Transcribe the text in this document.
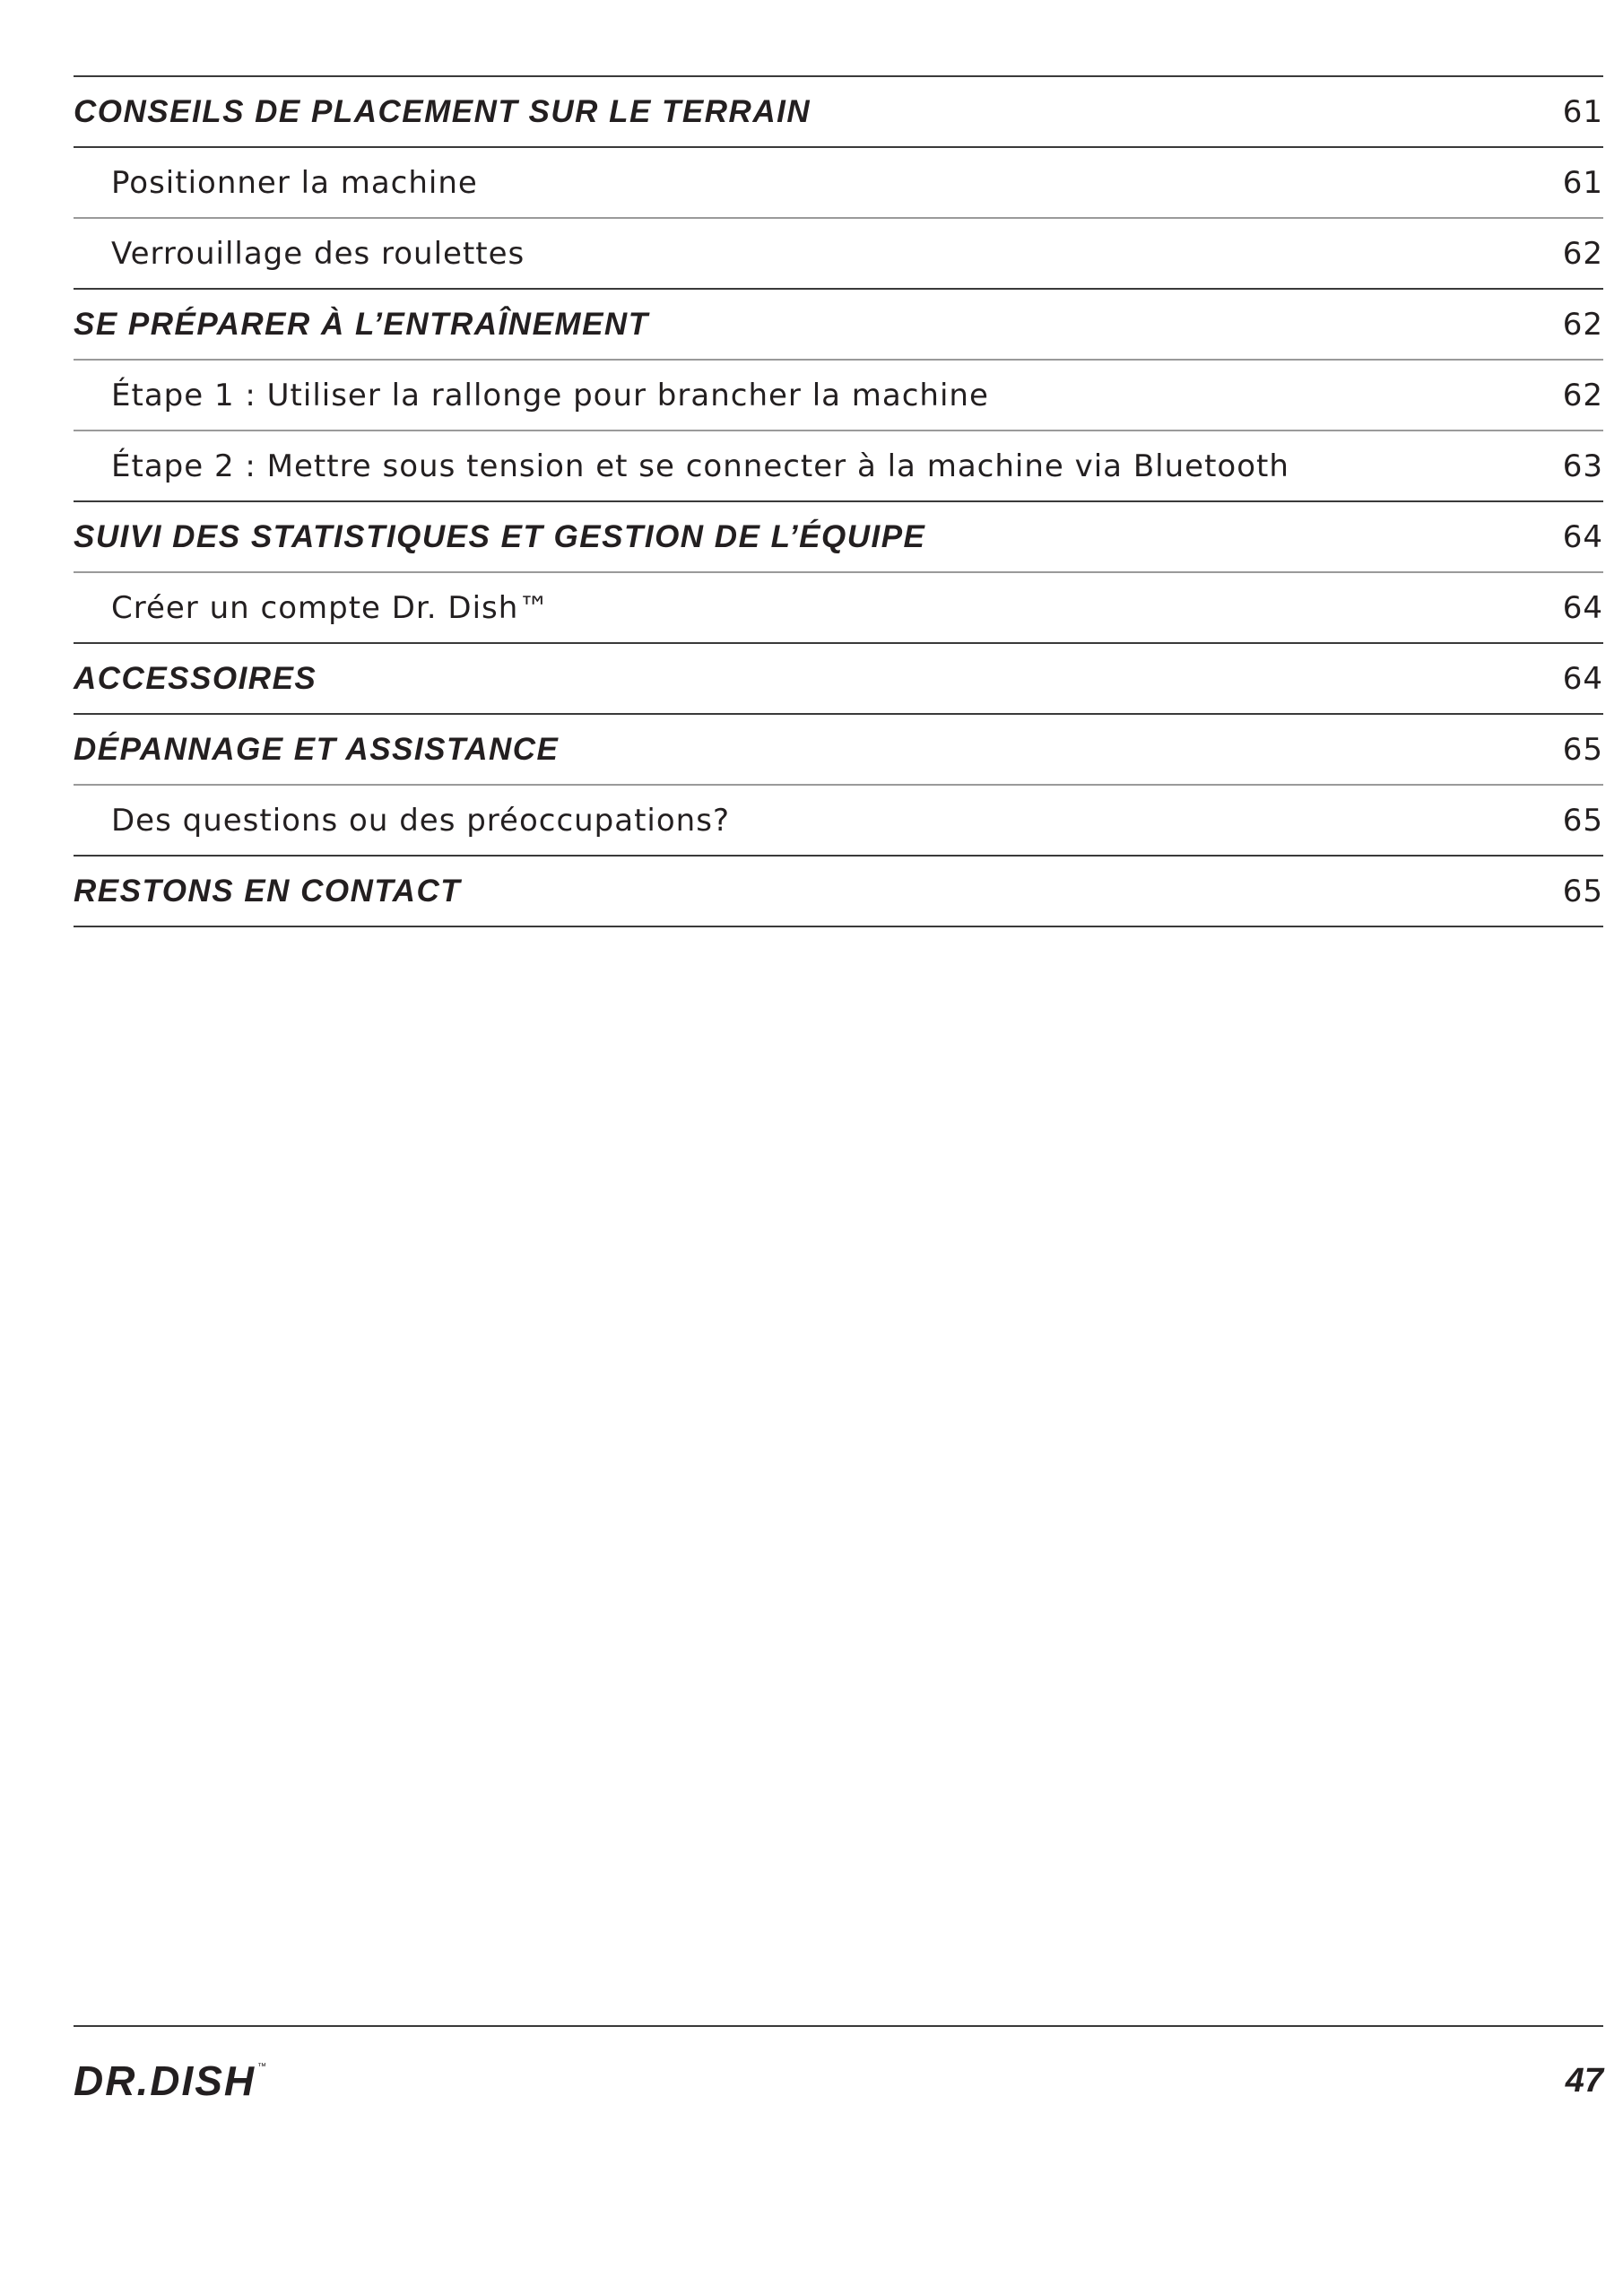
CONSEILS DE PLACEMENT SUR LE TERRAIN	61
Positionner la machine	61
Verrouillage des roulettes	62
SE PRÉPARER À L’ENTRAÎNEMENT	62
Étape 1 : Utiliser la rallonge pour brancher la machine	62
Étape 2 : Mettre sous tension et se connecter à la machine via Bluetooth	63
SUIVI DES STATISTIQUES ET GESTION DE L’ÉQUIPE	64
Créer un compte Dr. Dish™	64
ACCESSOIRES	64
DÉPANNAGE ET ASSISTANCE	65
Des questions ou des préoccupations?	65
RESTONS EN CONTACT	65
DR.DISH ™	47
